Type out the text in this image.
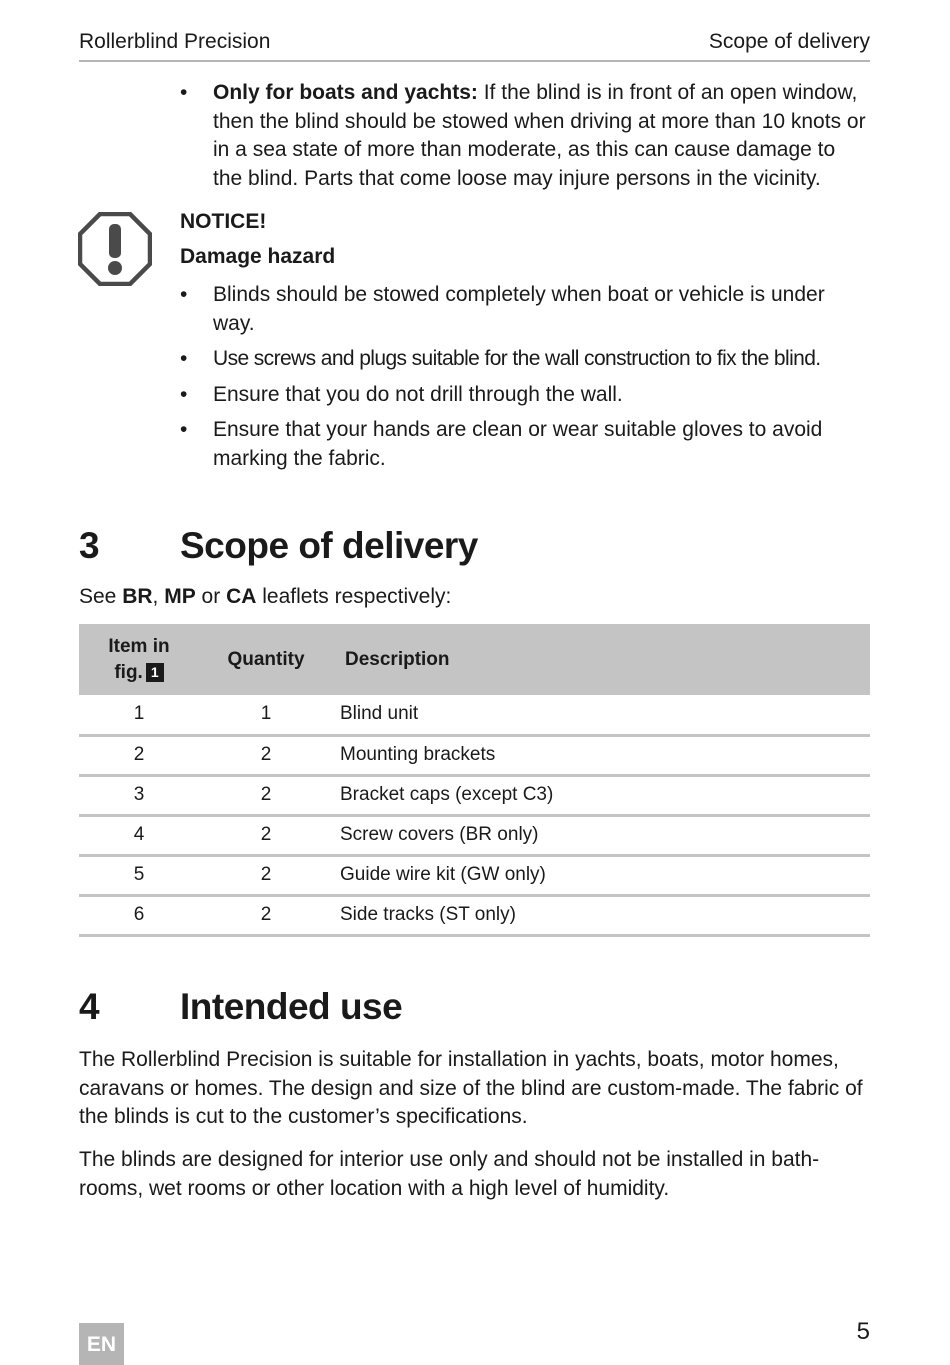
Rollerblind Precision	Scope of delivery
• Only for boats and yachts: If the blind is in front of an open window, then the blind should be stowed when driving at more than 10 knots or in a sea state of more than moderate, as this can cause damage to the blind. Parts that come loose may injure persons in the vicinity.
NOTICE!
Damage hazard
• Blinds should be stowed completely when boat or vehicle is under way.
• Use screws and plugs suitable for the wall construction to fix the blind.
• Ensure that you do not drill through the wall.
• Ensure that your hands are clean or wear suitable gloves to avoid marking the fabric.
3 Scope of delivery
See BR, MP or CA leaflets respectively:
Item in
fig. 1	Quantity	Description
1	1	Blind unit
2	2	Mounting brackets
3	2	Bracket caps (except C3)
4	2	Screw covers (BR only)
5	2	Guide wire kit (GW only)
6	2	Side tracks (ST only)
4 Intended use

The Rollerblind Precision is suitable for installation in yachts, boats, motor homes, caravans or homes. The design and size of the blind are custom-made. The fabric of the blinds is cut to the customer’s specifications.

The blinds are designed for interior use only and should not be installed in bath-rooms, wet rooms or other location with a high level of humidity.

EN	5
